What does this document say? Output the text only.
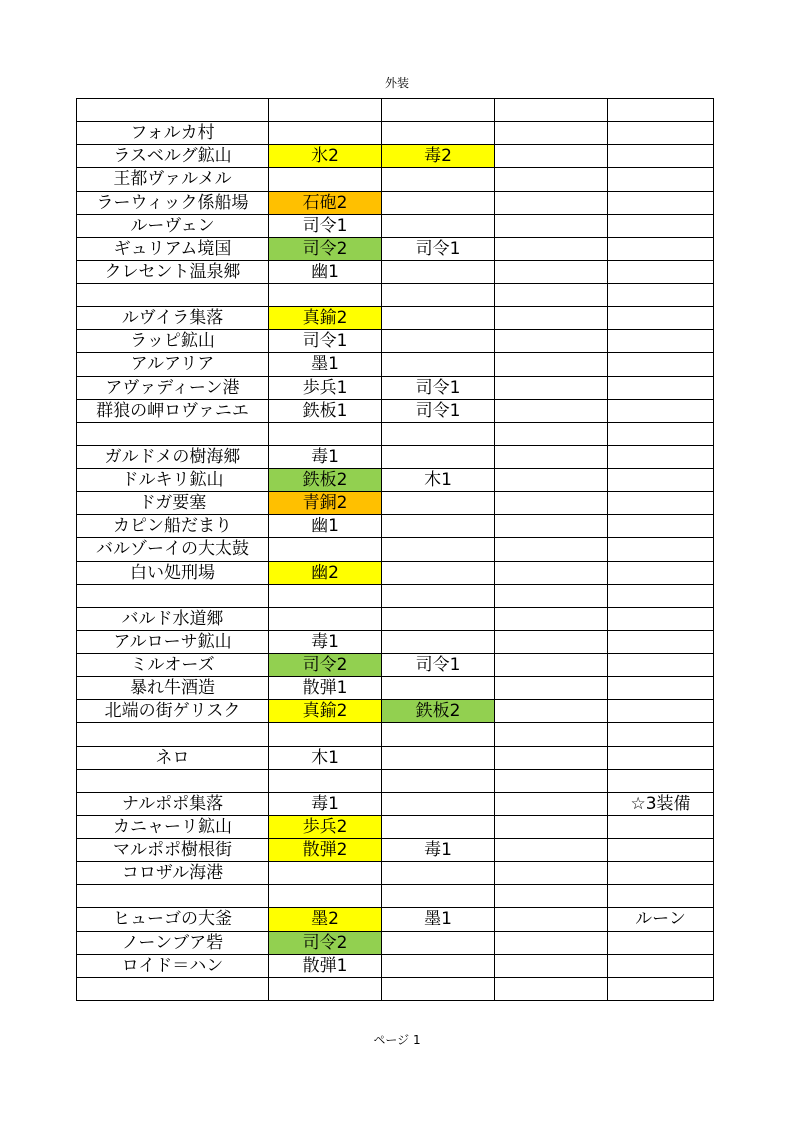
外装

フォルカ村				
ラスベルグ鉱山	氷2	毒2		
王都ヴァルメル				
ラーウィック係船場	石砲2			
ルーヴェン	司令1			
ギュリアム境国	司令2	司令1		
クレセント温泉郷	幽1			

ルヴイラ集落	真鍮2			
ラッピ鉱山	司令1			
アルアリア	墨1			
アヴァディーン港	歩兵1	司令1		
群狼の岬ロヴァニエ	鉄板1	司令1		

ガルドメの樹海郷	毒1			
ドルキリ鉱山	鉄板2	木1		
ドガ要塞	青銅2			
カピン船だまり	幽1			
バルゾーイの大太鼓				
白い処刑場	幽2			

バルド水道郷				
アルローサ鉱山	毒1			
ミルオーズ	司令2	司令1		
暴れ牛酒造	散弾1			
北端の街ゲリスク	真鍮2	鉄板2		

ネロ	木1			

ナルポポ集落	毒1			☆3装備
カニャーリ鉱山	歩兵2			
マルポポ樹根街	散弾2	毒1		
コロザル海港				

ヒューゴの大釜	墨2	墨1		ルーン
ノーンブア砦	司令2			
ロイド＝ハン	散弾1			

ページ 1
